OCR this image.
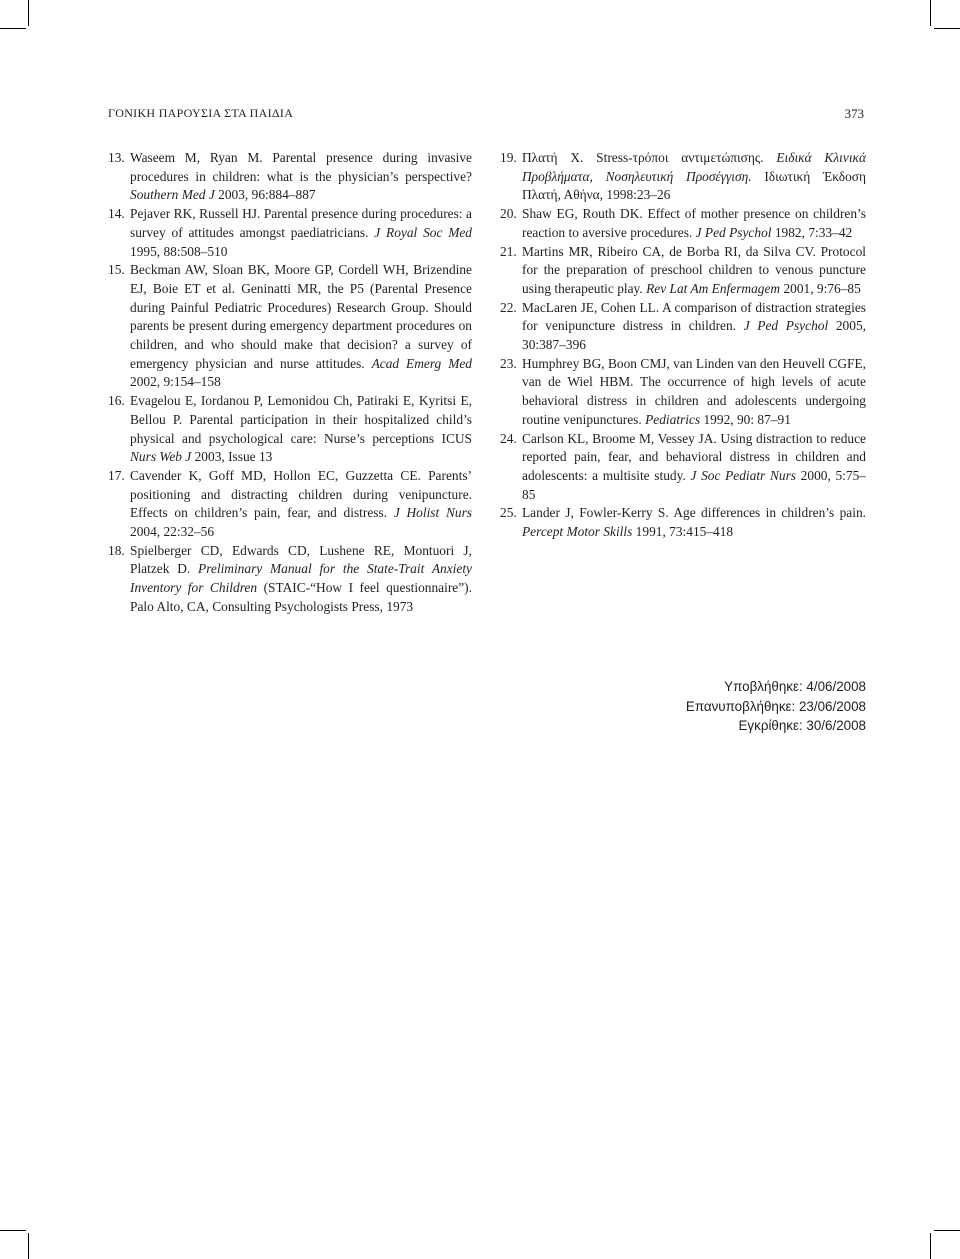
ΓΟΝΙΚΗ ΠΑΡΟΥΣΙΑ ΣΤΑ ΠΑΙΔΙΑ	373

13. Waseem M, Ryan M. Parental presence during invasive procedures in children: what is the physician’s perspective? Southern Med J 2003, 96:884–887

14. Pejaver RK, Russell HJ. Parental presence during procedures: a survey of attitudes amongst paediatricians. J Royal Soc Med 1995, 88:508–510

15. Beckman AW, Sloan BK, Moore GP, Cordell WH, Brizendine EJ, Boie ET et al. Geninatti MR, the P5 (Parental Presence during Painful Pediatric Procedures) Research Group. Should parents be present during emergency department procedures on children, and who should make that decision? a survey of emergency physician and nurse attitudes. Acad Emerg Med 2002, 9:154–158

16. Evagelou E, Iordanou P, Lemonidou Ch, Patiraki E, Kyritsi E, Bellou P. Parental participation in their hospitalized child’s physical and psychological care: Nurse’s perceptions ICUS Nurs Web J 2003, Issue 13

17. Cavender K, Goff MD, Hollon EC, Guzzetta CE. Parents’ positioning and distracting children during venipuncture. Effects on children’s pain, fear, and distress. J Holist Nurs 2004, 22:32–56

18. Spielberger CD, Edwards CD, Lushene RE, Montuori J, Platzek D. Preliminary Manual for the State-Trait Anxiety Inventory for Children (STAIC-“How I feel questionnaire”). Palo Alto, CA, Consulting Psychologists Press, 1973

19. Πλατή Χ. Stress-τρόποι αντιμετώπισης. Ειδικά Κλινικά Προβλήματα, Νοσηλευτική Προσέγγιση. Ιδιωτική Έκδοση Πλατή, Αθήνα, 1998:23–26

20. Shaw EG, Routh DK. Effect of mother presence on children’s reaction to aversive procedures. J Ped Psychol 1982, 7:33–42

21. Martins MR, Ribeiro CA, de Borba RI, da Silva CV. Protocol for the preparation of preschool children to venous puncture using therapeutic play. Rev Lat Am Enfermagem 2001, 9:76–85

22. MacLaren JE, Cohen LL. A comparison of distraction strategies for venipuncture distress in children. J Ped Psychol 2005, 30:387–396

23. Humphrey BG, Boon CMJ, van Linden van den Heuvell CGFE, van de Wiel HBM. The occurrence of high levels of acute behavioral distress in children and adolescents undergoing routine venipunctures. Pediatrics 1992, 90: 87–91

24. Carlson KL, Broome M, Vessey JA. Using distraction to reduce reported pain, fear, and behavioral distress in children and adolescents: a multisite study. J Soc Pediatr Nurs 2000, 5:75–85

25. Lander J, Fowler-Kerry S. Age differences in children’s pain. Percept Motor Skills 1991, 73:415–418

Υποβλήθηκε: 4/06/2008
Επανυποβλήθηκε: 23/06/2008
Εγκρίθηκε: 30/6/2008
